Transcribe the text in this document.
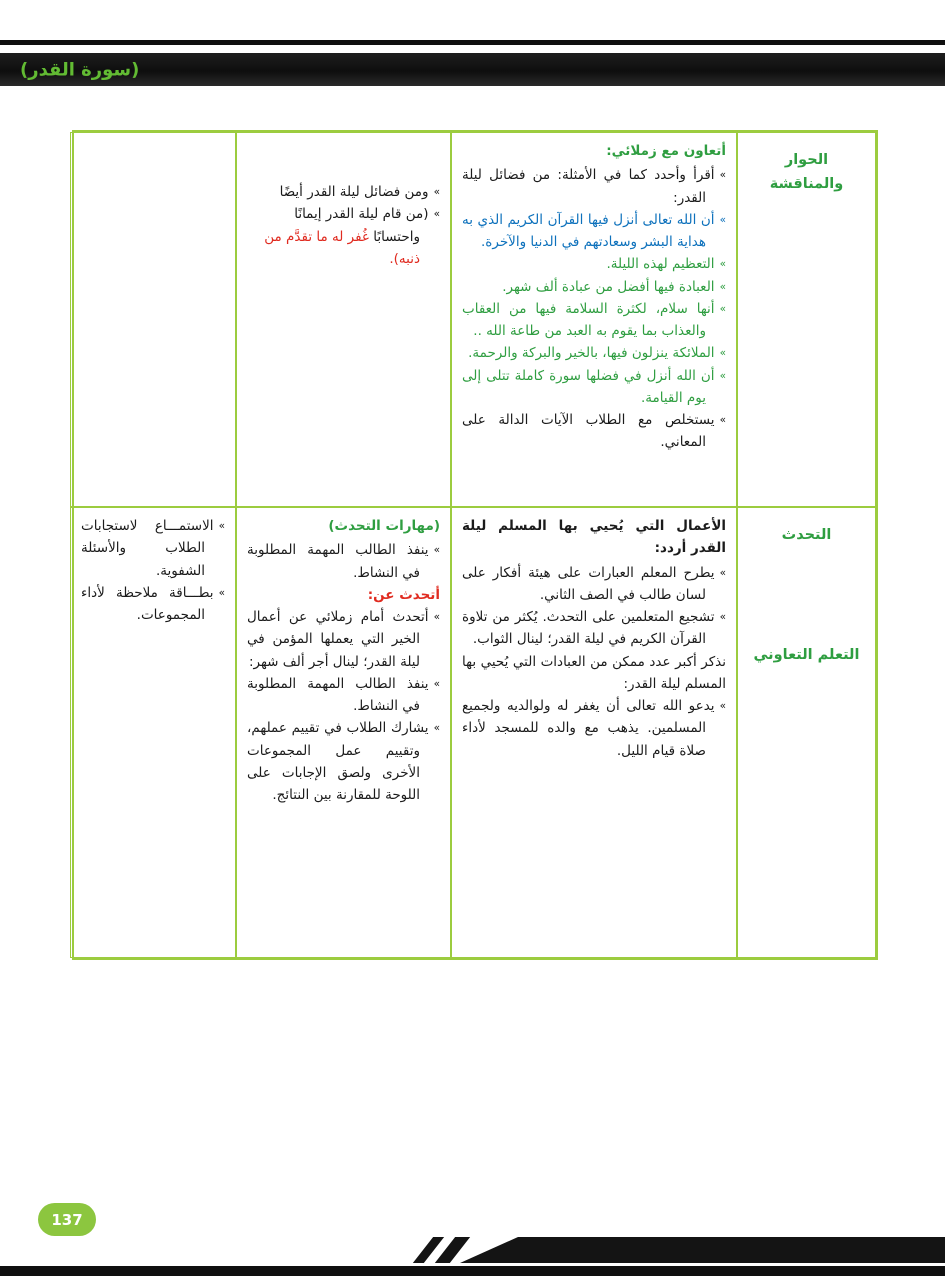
(سورة القدر)
الحوار والمناقشة
أتعاون مع زملائي:
«أقرأ وأحدد كما في الأمثلة: من فضائل ليلة القدر:
«أن الله تعالى أنزل فيها القرآن الكريم الذي به هداية البشر وسعادتهم في الدنيا والآخرة.
«التعظيم لهذه الليلة.
«العبادة فيها أفضل من عبادة ألف شهر.
«أنها سلام، لكثرة السلامة فيها من العقاب والعذاب بما يقوم به العبد من طاعة الله ..
«الملائكة ينزلون فيها، بالخير والبركة والرحمة.
«أن الله أنزل في فضلها سورة كاملة تتلى إلى يوم القيامة.
«يستخلص مع الطلاب الآيات الدالة على المعاني.
«ومن فضائل ليلة القدر أيضًا
«(من قام ليلة القدر إيمانًا واحتسابًا غُفر له ما تقدَّم من ذنبه).
التحدث
التعلم التعاوني
الأعمال التي يُحيي بها المسلم ليلة القدر أردد:
«يطرح المعلم العبارات على هيئة أفكار على لسان طالب في الصف الثاني.
«تشجيع المتعلمين على التحدث. يُكثر من تلاوة القرآن الكريم في ليلة القدر؛ لينال الثواب.
نذكر أكبر عدد ممكن من العبادات التي يُحيي بها المسلم ليلة القدر:
«يدعو الله تعالى أن يغفر له ولوالديه ولجميع المسلمين. يذهب مع والده للمسجد لأداء صلاة قيام الليل.
(مهارات التحدث)
«ينفذ الطالب المهمة المطلوبة في النشاط.
أتحدث عن:
«أتحدث أمام زملائي عن أعمال الخير التي يعملها المؤمن في ليلة القدر؛ لينال أجر ألف شهر:
«ينفذ الطالب المهمة المطلوبة في النشاط.
«يشارك الطلاب في تقييم عملهم، وتقييم عمل المجموعات الأخرى ولصق الإجابات على اللوحة للمقارنة بين النتائج.
«الاستمـــاع لاستجابات الطلاب والأسئلة الشفوية.
«بطـــاقة ملاحظة لأداء المجموعات.
137
